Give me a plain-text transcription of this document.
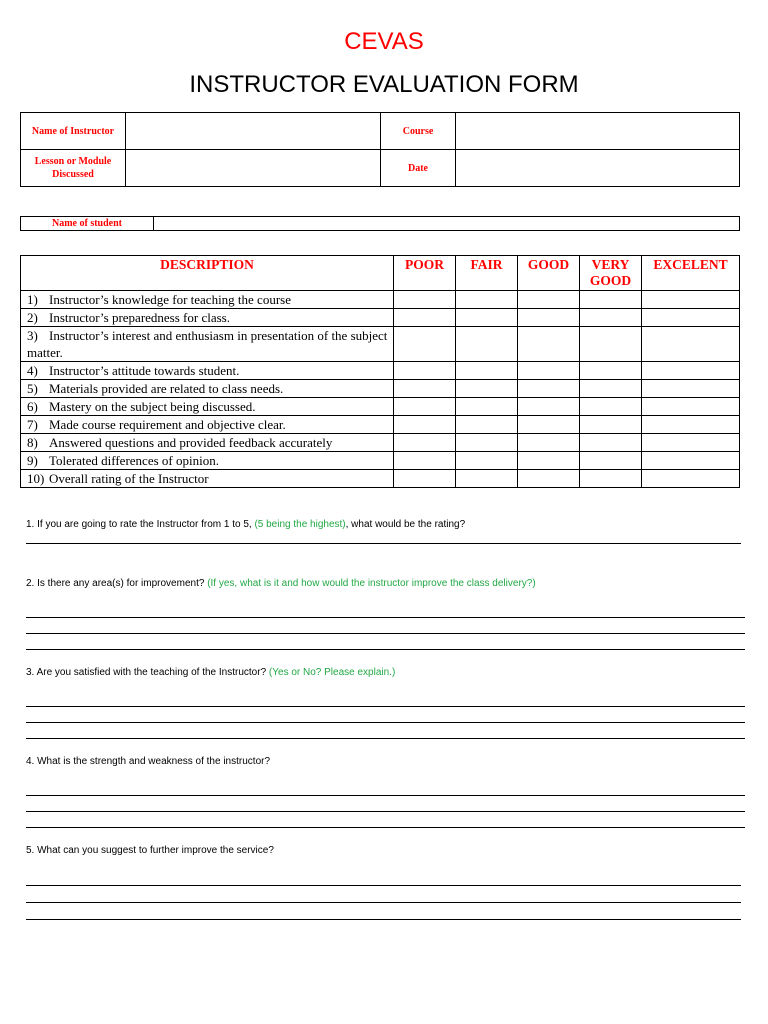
CEVAS
INSTRUCTOR EVALUATION FORM
Name of Instructor		Course	
Lesson or Module Discussed		Date	
Name of student	
DESCRIPTION	POOR	FAIR	GOOD	VERY GOOD	EXCELENT
1) Instructor’s knowledge for teaching the course					
2) Instructor’s preparedness for class.					
3) Instructor’s interest and enthusiasm in presentation of the subject matter.					
4) Instructor’s attitude towards student.					
5) Materials provided are related to class needs.					
6) Mastery on the subject being discussed.					
7) Made course requirement and objective clear.					
8) Answered questions and provided feedback accurately					
9) Tolerated differences of opinion.					
10) Overall rating of the Instructor					
1. If you are going to rate the Instructor from 1 to 5, (5 being the highest), what would be the rating?
2. Is there any area(s) for improvement? (If yes, what is it and how would the instructor improve the class delivery?)
3. Are you satisfied with the teaching of the Instructor? (Yes or No? Please explain.)
4. What is the strength and weakness of the instructor?
5. What can you suggest to further improve the service?
